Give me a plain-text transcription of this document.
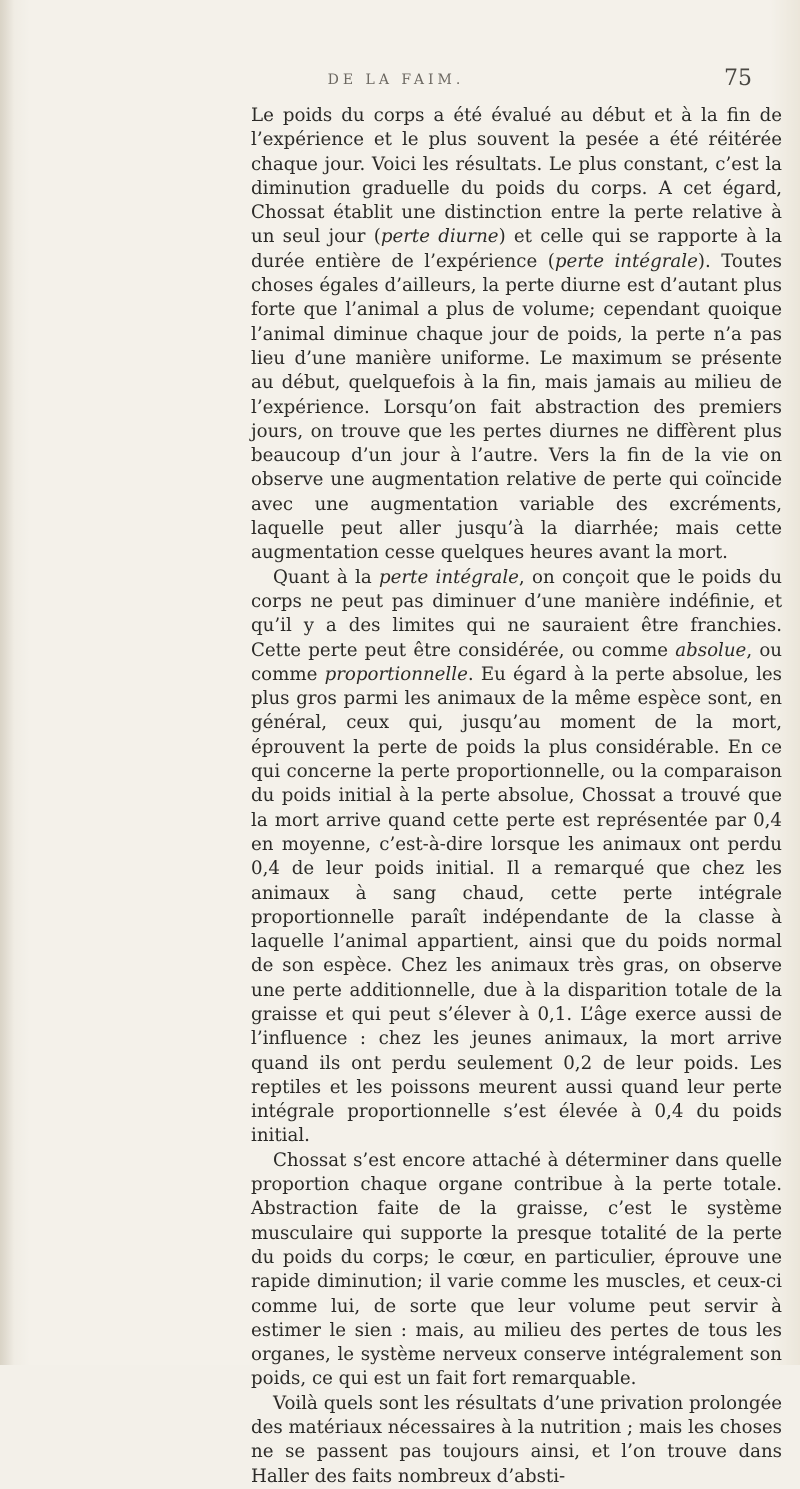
DE LA FAIM.	75

Le poids du corps a été évalué au début et à la fin de l’expérience et le plus souvent la pesée a été réitérée chaque jour. Voici les résultats. Le plus constant, c’est la diminution graduelle du poids du corps. A cet égard, Chossat établit une distinction entre la perte relative à un seul jour (perte diurne) et celle qui se rapporte à la durée entière de l’expérience (perte intégrale). Toutes choses égales d’ailleurs, la perte diurne est d’autant plus forte que l’animal a plus de volume; cependant quoique l’animal diminue chaque jour de poids, la perte n’a pas lieu d’une manière uniforme. Le maximum se présente au début, quelquefois à la fin, mais jamais au milieu de l’expérience. Lorsqu’on fait abstraction des premiers jours, on trouve que les pertes diurnes ne diffèrent plus beaucoup d’un jour à l’autre. Vers la fin de la vie on observe une augmentation relative de perte qui coïncide avec une augmentation variable des excréments, laquelle peut aller jusqu’à la diarrhée; mais cette augmentation cesse quelques heures avant la mort.

Quant à la perte intégrale, on conçoit que le poids du corps ne peut pas diminuer d’une manière indéfinie, et qu’il y a des limites qui ne sauraient être franchies. Cette perte peut être considérée, ou comme absolue, ou comme proportionnelle. Eu égard à la perte absolue, les plus gros parmi les animaux de la même espèce sont, en général, ceux qui, jusqu’au moment de la mort, éprouvent la perte de poids la plus considérable. En ce qui concerne la perte proportionnelle, ou la comparaison du poids initial à la perte absolue, Chossat a trouvé que la mort arrive quand cette perte est représentée par 0,4 en moyenne, c’est-à-dire lorsque les animaux ont perdu 0,4 de leur poids initial. Il a remarqué que chez les animaux à sang chaud, cette perte intégrale proportionnelle paraît indépendante de la classe à laquelle l’animal appartient, ainsi que du poids normal de son espèce. Chez les animaux très gras, on observe une perte additionnelle, due à la disparition totale de la graisse et qui peut s’élever à 0,1. L’âge exerce aussi de l’influence : chez les jeunes animaux, la mort arrive quand ils ont perdu seulement 0,2 de leur poids. Les reptiles et les poissons meurent aussi quand leur perte intégrale proportionnelle s’est élevée à 0,4 du poids initial.

Chossat s’est encore attaché à déterminer dans quelle proportion chaque organe contribue à la perte totale. Abstraction faite de la graisse, c’est le système musculaire qui supporte la presque totalité de la perte du poids du corps; le cœur, en particulier, éprouve une rapide diminution; il varie comme les muscles, et ceux-ci comme lui, de sorte que leur volume peut servir à estimer le sien : mais, au milieu des pertes de tous les organes, le système nerveux conserve intégralement son poids, ce qui est un fait fort remarquable.

Voilà quels sont les résultats d’une privation prolongée des matériaux nécessaires à la nutrition ; mais les choses ne se passent pas toujours ainsi, et l’on trouve dans Haller des faits nombreux d’absti-
